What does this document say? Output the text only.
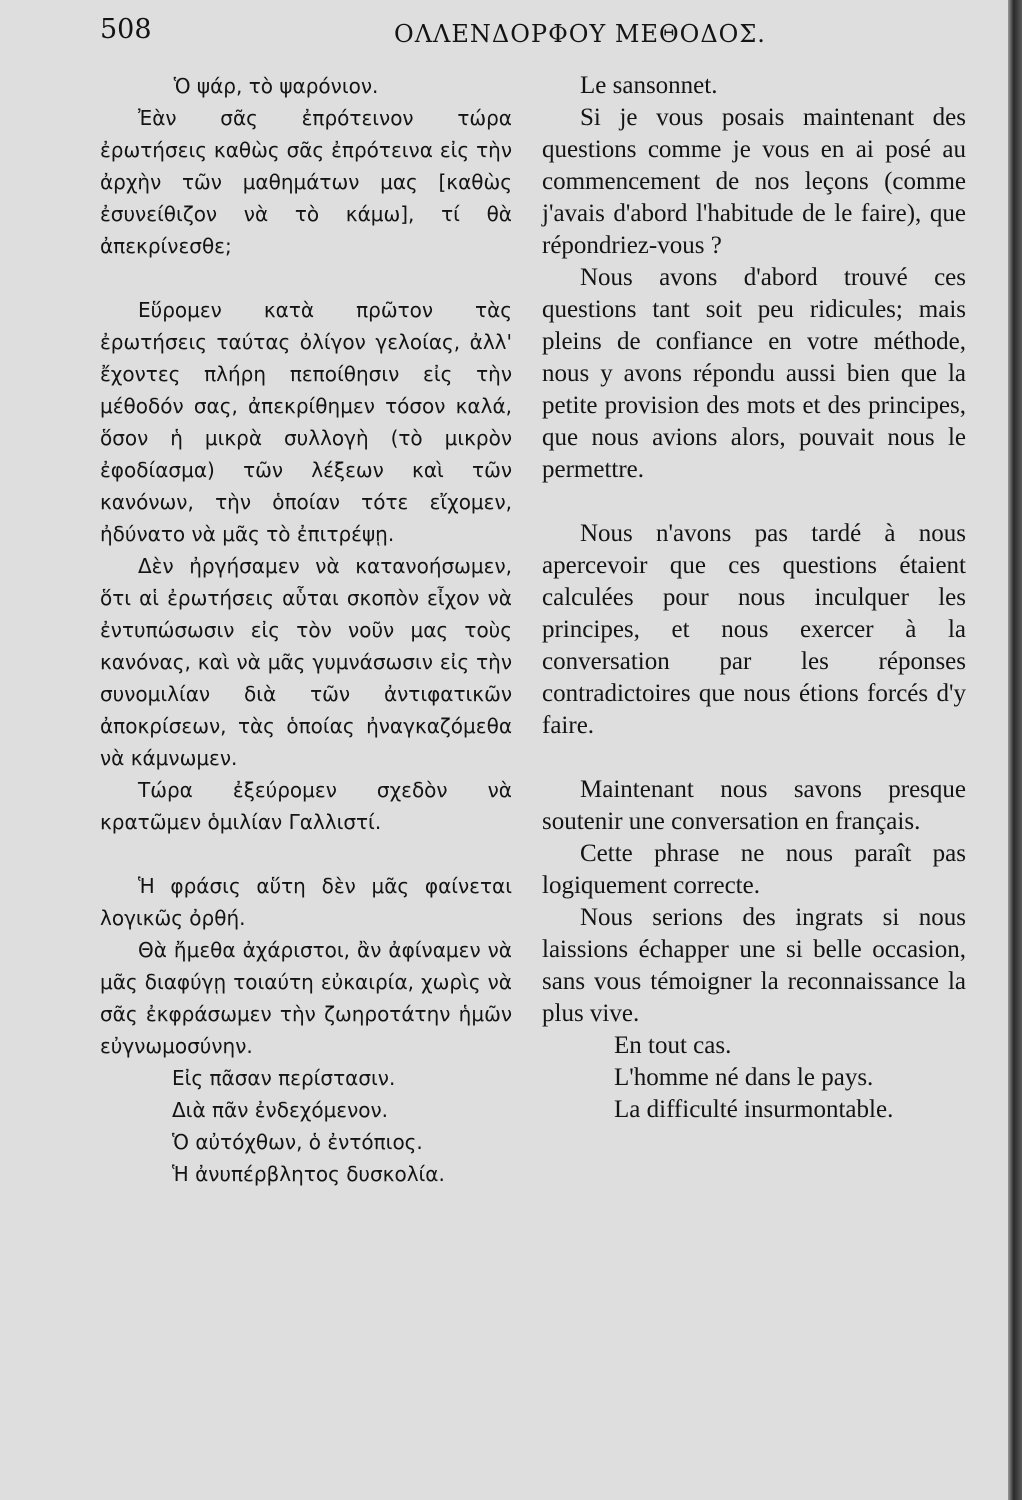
508	ΟΛΛΕΝΔΟΡΦΟΥ ΜΕΘΟΔΟΣ.

Ὁ ψάρ, τὸ ψαρόνιον.

Ἐὰν σᾶς ἐπρότεινον τώρα ἐρωτήσεις καθὼς σᾶς ἐπρότεινα εἰς τὴν ἀρχὴν τῶν μαθημάτων μας [καθὼς ἐσυνείθιζον νὰ τὸ κάμω], τί θὰ ἀπεκρίνεσθε;

Εὕρομεν κατὰ πρῶτον τὰς ἐρωτήσεις ταύτας ὀλίγον γελοίας, ἀλλ' ἔχοντες πλήρη πεποίθησιν εἰς τὴν μέθοδόν σας, ἀπεκρίθημεν τόσον καλά, ὅσον ἡ μικρὰ συλλογὴ (τὸ μικρὸν ἐφοδίασμα) τῶν λέξεων καὶ τῶν κανόνων, τὴν ὁποίαν τότε εἴχομεν, ἠδύνατο νὰ μᾶς τὸ ἐπιτρέψῃ.

Δὲν ἠργήσαμεν νὰ κατανοήσωμεν, ὅτι αἱ ἐρωτήσεις αὗται σκοπὸν εἶχον νὰ ἐντυπώσωσιν εἰς τὸν νοῦν μας τοὺς κανόνας, καὶ νὰ μᾶς γυμνάσωσιν εἰς τὴν συνομιλίαν διὰ τῶν ἀντιφατικῶν ἀποκρίσεων, τὰς ὁποίας ἠναγκαζόμεθα νὰ κάμνωμεν.

Τώρα ἐξεύρομεν σχεδὸν νὰ κρατῶμεν ὁμιλίαν Γαλλιστί.

Ἡ φράσις αὕτη δὲν μᾶς φαίνεται λογικῶς ὀρθή.

Θὰ ἤμεθα ἀχάριστοι, ἂν ἀφίναμεν νὰ μᾶς διαφύγῃ τοιαύτη εὐκαιρία, χωρὶς νὰ σᾶς ἐκφράσωμεν τὴν ζωηροτάτην ἡμῶν εὐγνωμοσύνην.

Εἰς πᾶσαν περίστασιν.

Διὰ πᾶν ἐνδεχόμενον.

Ὁ αὐτόχθων, ὁ ἐντόπιος.

Ἡ ἀνυπέρβλητος δυσκολία.

Le sansonnet.

Si je vous posais maintenant des questions comme je vous en ai posé au commencement de nos leçons (comme j'avais d'abord l'habitude de le faire), que répondriez-vous ?

Nous avons d'abord trouvé ces questions tant soit peu ridicules; mais pleins de confiance en votre méthode, nous y avons répondu aussi bien que la petite provision des mots et des principes, que nous avions alors, pouvait nous le permettre.

Nous n'avons pas tardé à nous apercevoir que ces questions étaient calculées pour nous inculquer les principes, et nous exercer à la conversation par les réponses contradictoires que nous étions forcés d'y faire.

Maintenant nous savons presque soutenir une conversation en français.

Cette phrase ne nous paraît pas logiquement correcte.

Nous serions des ingrats si nous laissions échapper une si belle occasion, sans vous témoigner la reconnaissance la plus vive.

En tout cas.

L'homme né dans le pays.

La difficulté insurmontable.
